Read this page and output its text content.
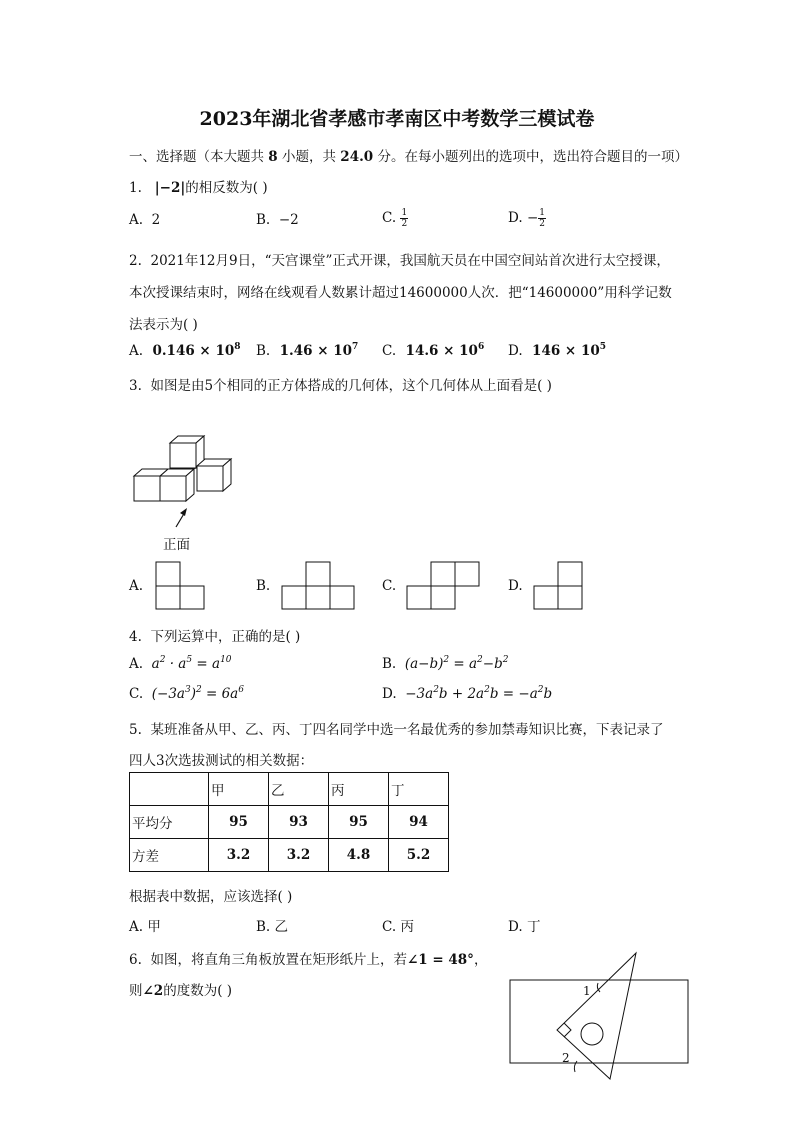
2023年湖北省孝感市孝南区中考数学三模试卷
一、选择题（本大题共 8 小题，共 24.0 分。在每小题列出的选项中，选出符合题目的一项）
1. |−2|的相反数为( )
A. 2	B. −2	C. $\frac{1}{2}$	D. − $\frac{1}{2}$
2. 2021年12月9日，“天宫课堂”正式开课，我国航天员在中国空间站首次进行太空授课，
本次授课结束时，网络在线观看人数累计超过14600000人次．把“14600000”用科学记数
法表示为( )
A. $0.146 \times 10^8$ B. $1.46 \times 10^7$ C. $14.6 \times 10^6$ D. $146 \times 10^5$
3. 如图是由5个相同的正方体搭成的几何体，这个几何体从上面看是( )
正面
A.	B.	C.	D.
4. 下列运算中，正确的是( )
A. $a^2 \cdot a^5 = a^{10}$	B. $(a-b)^2 = a^2-b^2$
C. $(-3a^3)^2 = 6a^6$	D. $-3a^2b + 2a^2b = -a^2b$
5. 某班准备从甲、乙、丙、丁四名同学中选一名最优秀的参加禁毒知识比赛，下表记录了
四人3次选拔测试的相关数据：
	甲	乙	丙	丁
平均分	95	93	95	94
方差	3.2	3.2	4.8	5.2
根据表中数据，应该选择( )
A. 甲	B. 乙	C. 丙	D. 丁
6. 如图，将直角三角板放置在矩形纸片上，若∠1 = 48°，
则∠2的度数为( )	1
2
